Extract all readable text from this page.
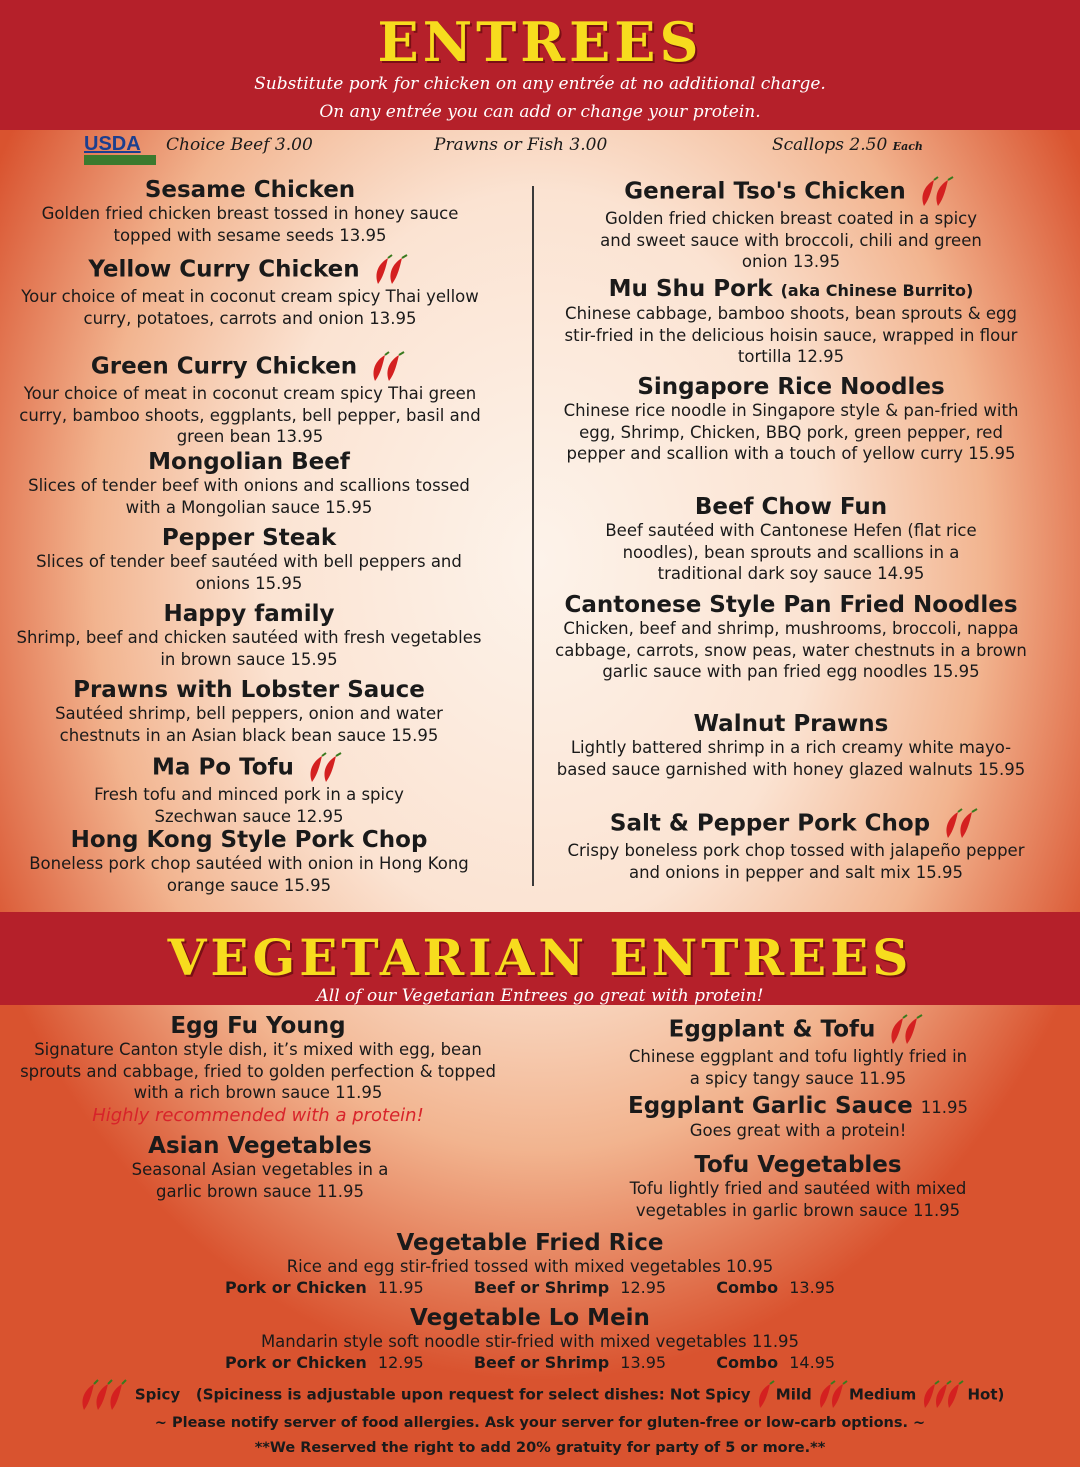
ENTREES
Substitute pork for chicken on any entrée at no additional charge.
On any entrée you can add or change your protein.
USDA	Choice Beef 3.00	Prawns or Fish 3.00	Scallops 2.50 Each
Sesame Chicken

Golden fried chicken breast tossed in honey sauce topped with sesame seeds 13.95

Yellow Curry Chicken

Your choice of meat in coconut cream spicy Thai yellow curry, potatoes, carrots and onion 13.95

Green Curry Chicken

Your choice of meat in coconut cream spicy Thai green curry, bamboo shoots, eggplants, bell pepper, basil and green bean 13.95

Mongolian Beef

Slices of tender beef with onions and scallions tossed with a Mongolian sauce 15.95

Pepper Steak

Slices of tender beef sautéed with bell peppers and onions 15.95

Happy family

Shrimp, beef and chicken sautéed with fresh vegetables in brown sauce 15.95

Prawns with Lobster Sauce

Sautéed shrimp, bell peppers, onion and water chestnuts in an Asian black bean sauce 15.95

Ma Po Tofu

Fresh tofu and minced pork in a spicy Szechwan sauce 12.95

Hong Kong Style Pork Chop

Boneless pork chop sautéed with onion in Hong Kong orange sauce 15.95

General Tso's Chicken

Golden fried chicken breast coated in a spicy and sweet sauce with broccoli, chili and green onion 13.95

Mu Shu Pork (aka Chinese Burrito)

Chinese cabbage, bamboo shoots, bean sprouts & egg stir-fried in the delicious hoisin sauce, wrapped in flour tortilla 12.95

Singapore Rice Noodles

Chinese rice noodle in Singapore style & pan-fried with egg, Shrimp, Chicken, BBQ pork, green pepper, red pepper and scallion with a touch of yellow curry 15.95

Beef Chow Fun

Beef sautéed with Cantonese Hefen (flat rice noodles), bean sprouts and scallions in a traditional dark soy sauce 14.95

Cantonese Style Pan Fried Noodles

Chicken, beef and shrimp, mushrooms, broccoli, nappa cabbage, carrots, snow peas, water chestnuts in a brown garlic sauce with pan fried egg noodles 15.95

Walnut Prawns

Lightly battered shrimp in a rich creamy white mayo-based sauce garnished with honey glazed walnuts 15.95

Salt & Pepper Pork Chop

Crispy boneless pork chop tossed with jalapeño pepper and onions in pepper and salt mix 15.95

VEGETARIAN ENTREES
All of our Vegetarian Entrees go great with protein!
Egg Fu Young

Signature Canton style dish, it’s mixed with egg, bean sprouts and cabbage, fried to golden perfection & topped with a rich brown sauce 11.95

Highly recommended with a protein!
Asian Vegetables

Seasonal Asian vegetables in a garlic brown sauce 11.95

Eggplant & Tofu

Chinese eggplant and tofu lightly fried in a spicy tangy sauce 11.95

Eggplant Garlic Sauce 11.95

Goes great with a protein!

Tofu Vegetables

Tofu lightly fried and sautéed with mixed vegetables in garlic brown sauce 11.95

Vegetable Fried Rice

Rice and egg stir-fried tossed with mixed vegetables 10.95

Pork or Chicken 11.95	Beef or Shrimp 12.95	Combo 13.95
Vegetable Lo Mein

Mandarin style soft noodle stir-fried with mixed vegetables 11.95

Pork or Chicken 12.95	Beef or Shrimp 13.95	Combo 14.95
Spicy (Spiciness is adjustable upon request for select dishes: Not Spicy Mild Medium	Hot)
~ Please notify server of food allergies. Ask your server for gluten-free or low-carb options. ~
**We Reserved the right to add 20% gratuity for party of 5 or more.**
